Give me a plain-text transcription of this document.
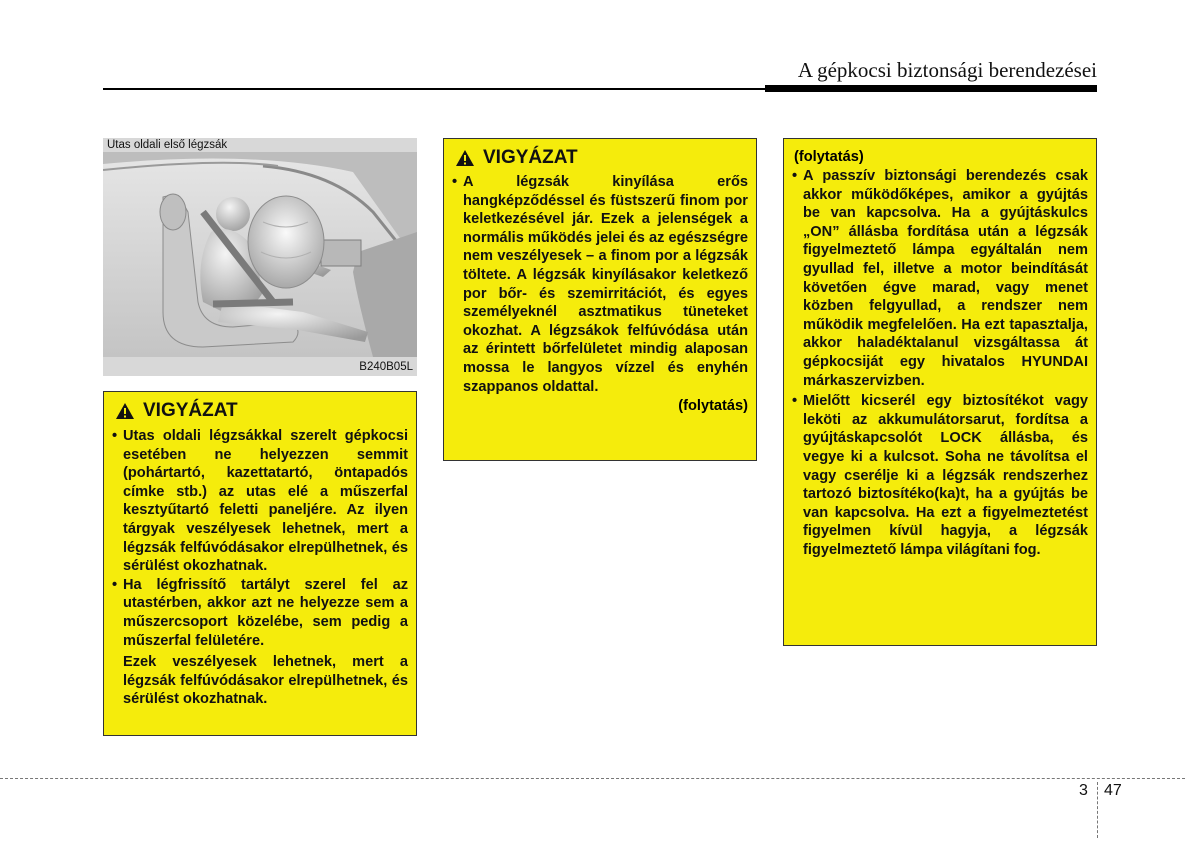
A gépkocsi biztonsági berendezései
Utas oldali első légzsák
B240B05L
VIGYÁZAT
• Utas oldali légzsákkal szerelt gépkocsi esetében ne helyezzen semmit (pohártartó, kazettatartó, öntapadós címke stb.) az utas elé a műszerfal kesztyűtartó feletti paneljére. Az ilyen tárgyak veszélyesek lehetnek, mert a légzsák felfúvódásakor elrepülhetnek, és sérülést okozhatnak.
• Ha légfrissítő tartályt szerel fel az utastérben, akkor azt ne helyezze sem a műszercsoport közelébe, sem pedig a műszerfal felületére.
Ezek veszélyesek lehetnek, mert a légzsák felfúvódásakor elrepülhetnek, és sérülést okozhatnak.
VIGYÁZAT
• A légzsák kinyílása erős hangképződéssel és füstszerű finom por keletkezésével jár. Ezek a jelenségek a normális működés jelei és az egészségre nem veszélyesek – a finom por a légzsák töltete. A légzsák kinyílásakor keletkező por bőr- és szemirritációt, és egyes személyeknél asztmatikus tüneteket okozhat. A légzsákok felfúvódása után az érintett bőrfelületet mindig alaposan mossa le langyos vízzel és enyhén szappanos oldattal.
(folytatás)
(folytatás)
• A passzív biztonsági berendezés csak akkor működőképes, amikor a gyújtás be van kapcsolva. Ha a gyújtáskulcs „ON” állásba fordítása után a légzsák figyelmeztető lámpa egyáltalán nem gyullad fel, illetve a motor beindítását követően égve marad, vagy menet közben felgyullad, a rendszer nem működik megfelelően. Ha ezt tapasztalja, akkor haladéktalanul vizsgáltassa át gépkocsiját egy hivatalos HYUNDAI márkaszervizben.
• Mielőtt kicserél egy biztosítékot vagy leköti az akkumulátorsarut, fordítsa a gyújtáskapcsolót LOCK állásba, és vegye ki a kulcsot. Soha ne távolítsa el vagy cserélje ki a légzsák rendszerhez tartozó biztosítéko(ka)t, ha a gyújtás be van kapcsolva. Ha ezt a figyelmeztetést figyelmen kívül hagyja, a légzsák figyelmeztető lámpa világítani fog.
3 47
